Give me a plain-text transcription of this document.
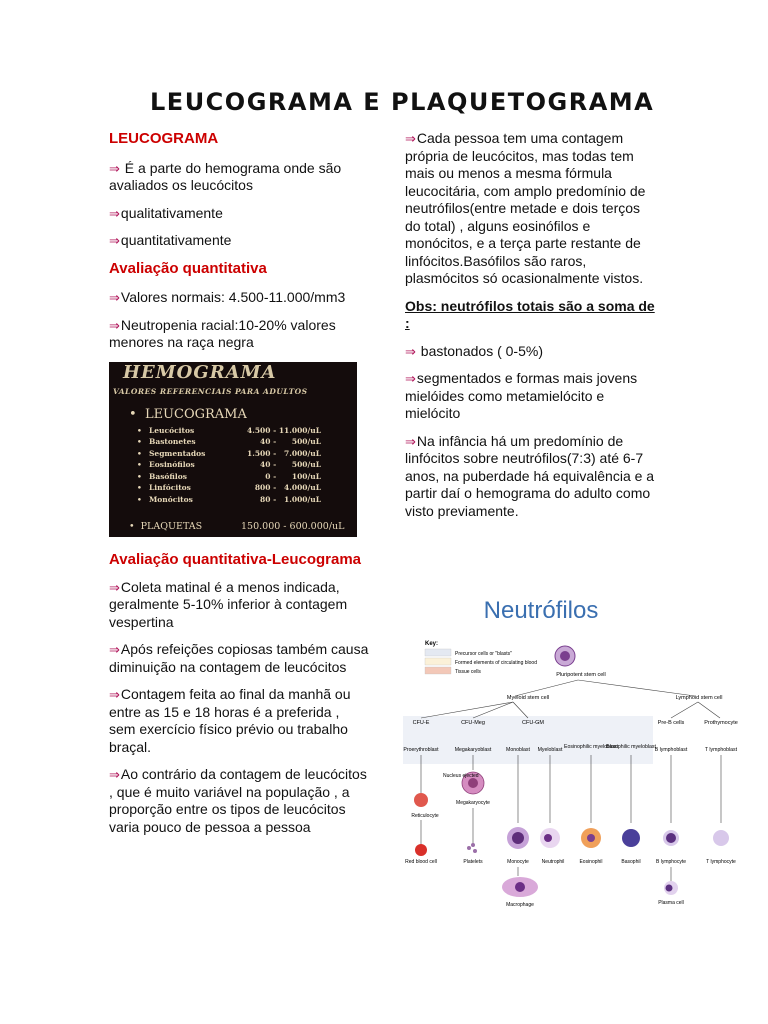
LEUCOGRAMA E PLAQUETOGRAMA

LEUCOGRAMA

⇒ É a parte do hemograma onde são avaliados os leucócitos

⇒qualitativamente

⇒quantitativamente

Avaliação quantitativa

⇒Valores normais: 4.500-11.000/mm3

⇒Neutropenia racial:10-20% valores menores na raça negra

HEMOGRAMA
VALORES REFERENCIAIS PARA ADULTOS
• LEUCOGRAMA
• Leucócitos	4.500 - 11.000/uL
• Bastonetes	40 -      500/uL
• Segmentados	1.500 -   7.000/uL
• Eosinófilos	40 -      500/uL
• Basófilos	0 -      100/uL
• Linfócitos	800 -   4.000/uL
• Monócitos	80 -   1.000/uL
• PLAQUETAS	150.000 - 600.000/uL

Avaliação quantitativa-Leucograma

⇒Coleta matinal é a menos indicada, geralmente 5-10% inferior à contagem vespertina

⇒Após refeições copiosas também causa diminuição na contagem de leucócitos

⇒Contagem feita ao final da manhã ou entre as 15 e 18 horas é a preferida , sem exercício físico prévio ou trabalho braçal.

⇒Ao contrário da contagem de leucócitos , que é muito variável na população , a proporção entre os tipos de leucócitos varia pouco de pessoa a pessoa

⇒Cada pessoa tem uma contagem própria de leucócitos, mas todas tem mais ou menos a mesma fórmula leucocitária, com amplo predomínio de neutrófilos(entre metade e dois terços do total) , alguns eosinófilos e monócitos, e a terça parte restante de linfócitos.Basófilos são raros, plasmócitos só ocasionalmente vistos.

Obs: neutrófilos totais são a soma de :

⇒ bastonados ( 0-5%)

⇒segmentados e formas mais jovens mielóides como metamielócito e mielócito

⇒Na infância há um predomínio de linfócitos sobre neutrófilos(7:3) até 6-7 anos, na puberdade há equivalência e a partir daí o hemograma do adulto como visto previamente.

Neutrófilos
Key:
Precursor cells or "blasts"
Formed elements of circulating blood
Tissue cells	Pluripotent stem cell
Myeloid stem cell	Lymphoid stem cell
CFU-E	CFU-Meg	CFU-GM	Pre-B cells	Prothymocyte
Proerythroblast	Megakaryoblast	Monoblast Myeloblast Eosinophilic myeloblast
Basophilic myeloblast
B lymphoblast	T lymphoblast
Megakaryocyte
Nucleus ejected
Reticulocyte
Red blood cell	Platelets	Monocyte	Neutrophil	Eosinophil	Basophil	B lymphocyte	T lymphocyte
Macrophage	Plasma cell
